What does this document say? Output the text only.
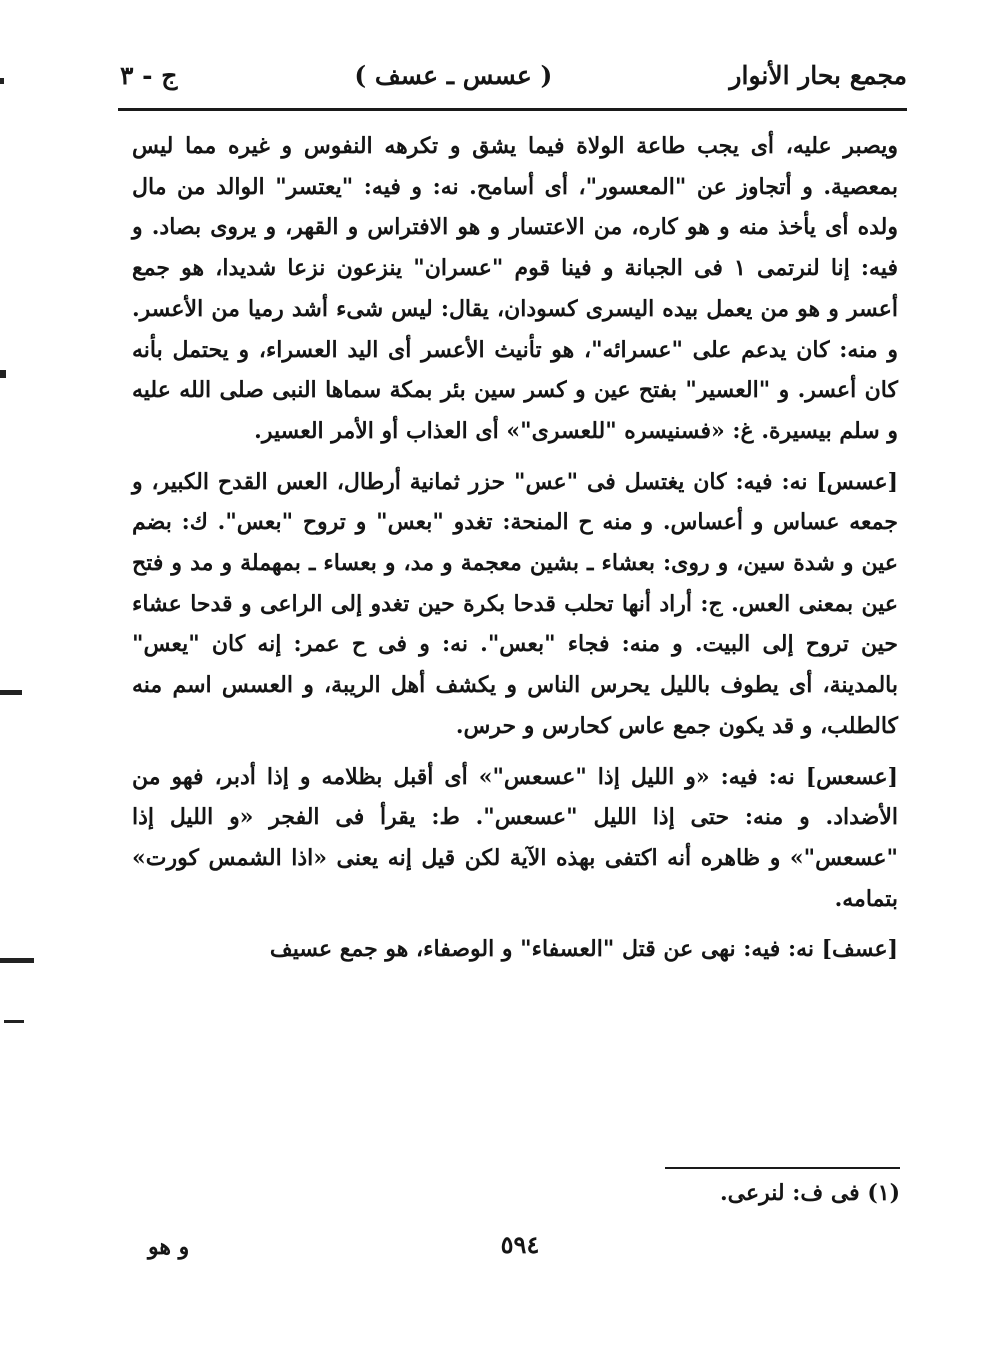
مجمع بحار الأنوار
( عسس ـ عسف )
ج - ٣

ويصبر عليه، أى يجب طاعة الولاة فيما يشق و تكرهه النفوس و غيره مما ليس بمعصية. و أتجاوز عن "المعسور"، أى أسامح. نه: و فيه: "يعتسر" الوالد من مال ولده أى يأخذ منه و هو كاره، من الاعتسار و هو الافتراس و القهر، و يروى بصاد. و فيه: إنا لنرتمى ١ فى الجبانة و فينا قوم "عسران" ينزعون نزعا شديدا، هو جمع أعسر و هو من يعمل بيده اليسرى كسودان، يقال: ليس شىء أشد رميا من الأعسر. و منه: كان يدعم على "عسرائه"، هو تأنيث الأعسر أى اليد العسراء، و يحتمل بأنه كان أعسر. و "العسير" بفتح عين و كسر سين بئر بمكة سماها النبى صلى الله عليه و سلم بيسيرة. غ: «فسنيسره "للعسرى"» أى العذاب أو الأمر العسير.

[عسس] نه: فيه: كان يغتسل فى "عس" حزر ثمانية أرطال، العس القدح الكبير، و جمعه عساس و أعساس. و منه ح المنحة: تغدو "بعس" و تروح "بعس". ك: بضم عين و شدة سين، و روى: بعشاء ـ بشين معجمة و مد، و بعساء ـ بمهملة و مد و فتح عين بمعنى العس. ج: أراد أنها تحلب قدحا بكرة حين تغدو إلى الراعى و قدحا عشاء حين تروح إلى البيت. و منه: فجاء "بعس". نه: و فى ح عمر: إنه كان "يعس" بالمدينة، أى يطوف بالليل يحرس الناس و يكشف أهل الريبة، و العسس اسم منه كالطلب، و قد يكون جمع عاس كحارس و حرس.

[عسعس] نه: فيه: «و الليل إذا "عسعس"» أى أقبل بظلامه و إذا أدبر، فهو من الأضداد. و منه: حتى إذا الليل "عسعس". ط: يقرأ فى الفجر «و الليل إذا "عسعس"» و ظاهره أنه اكتفى بهذه الآية لكن قيل إنه يعنى «اذا الشمس كورت» بتمامه.

[عسف] نه: فيه: نهى عن قتل "العسفاء" و الوصفاء، هو جمع عسيف

(١) فى ف: لنرعى.
٥٩٤
و هو
